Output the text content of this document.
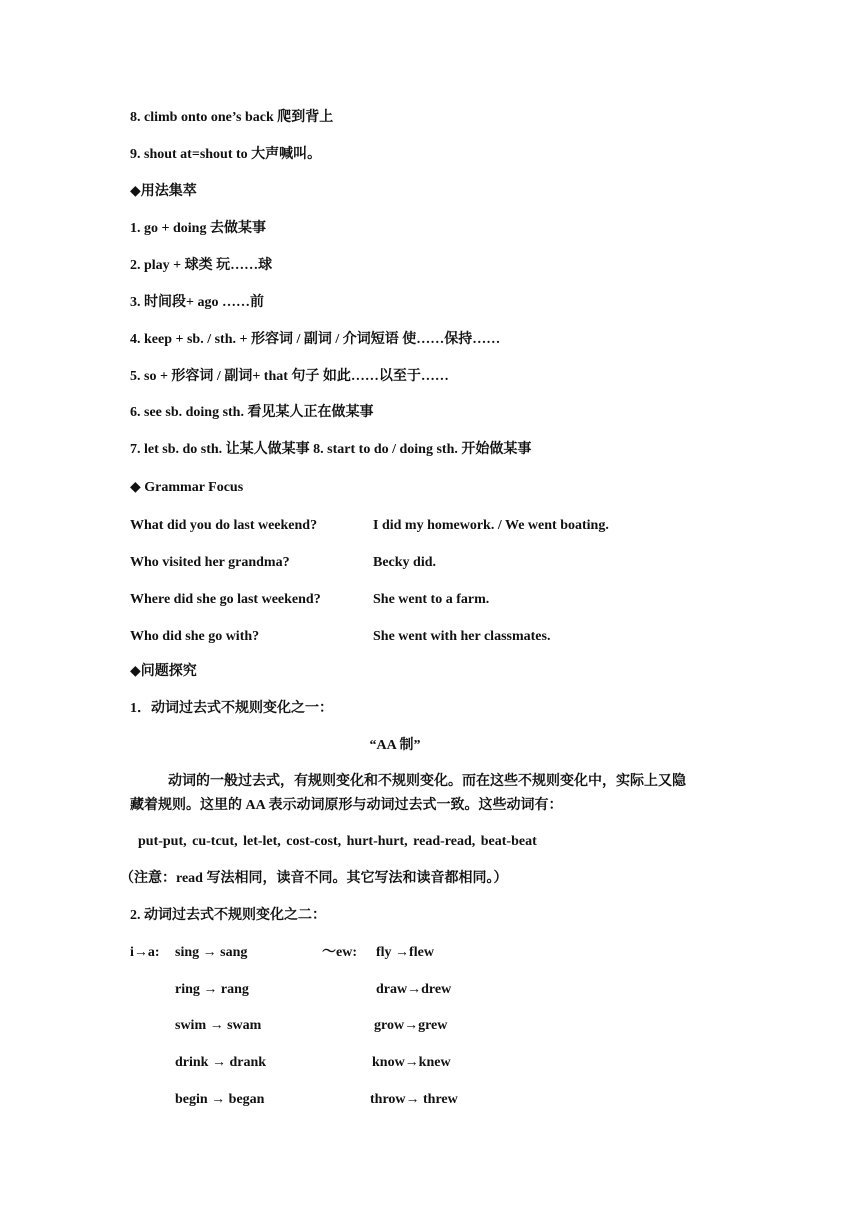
8. climb onto one’s back 爬到背上
9. shout at=shout to 大声喊叫。
◆用法集萃
1. go + doing 去做某事
2. play + 球类 玩……球
3. 时间段+ ago ……前
4. keep + sb. / sth. + 形容词 / 副词 / 介词短语 使……保持……
5. so + 形容词 / 副词+ that 句子 如此……以至于……
6. see sb. doing sth. 看见某人正在做某事
7. let sb. do sth. 让某人做某事 8. start to do / doing sth. 开始做某事
◆ Grammar Focus
What did you do last weekend?	I did my homework. / We went boating.
Who visited her grandma?	Becky did.
Where did she go last weekend?	She went to a farm.
Who did she go with?	She went with her classmates.
◆问题探究
1．动词过去式不规则变化之一：
“AA 制”
动词的一般过去式，有规则变化和不规则变化。而在这些不规则变化中，实际上又隐
藏着规则。这里的 AA 表示动词原形与动词过去式一致。这些动词有：
put-put, cu-tcut, let-let, cost-cost, hurt-hurt, read-read, beat-beat
（注意：read 写法相同，读音不同。其它写法和读音都相同。）
2. 动词过去式不规则变化之二：
i→a:	～ew:
sing → sang	fly →flew
ring → rang	draw→drew
swim → swam	grow→grew
drink → drank	know→knew
begin → began	throw→ threw
